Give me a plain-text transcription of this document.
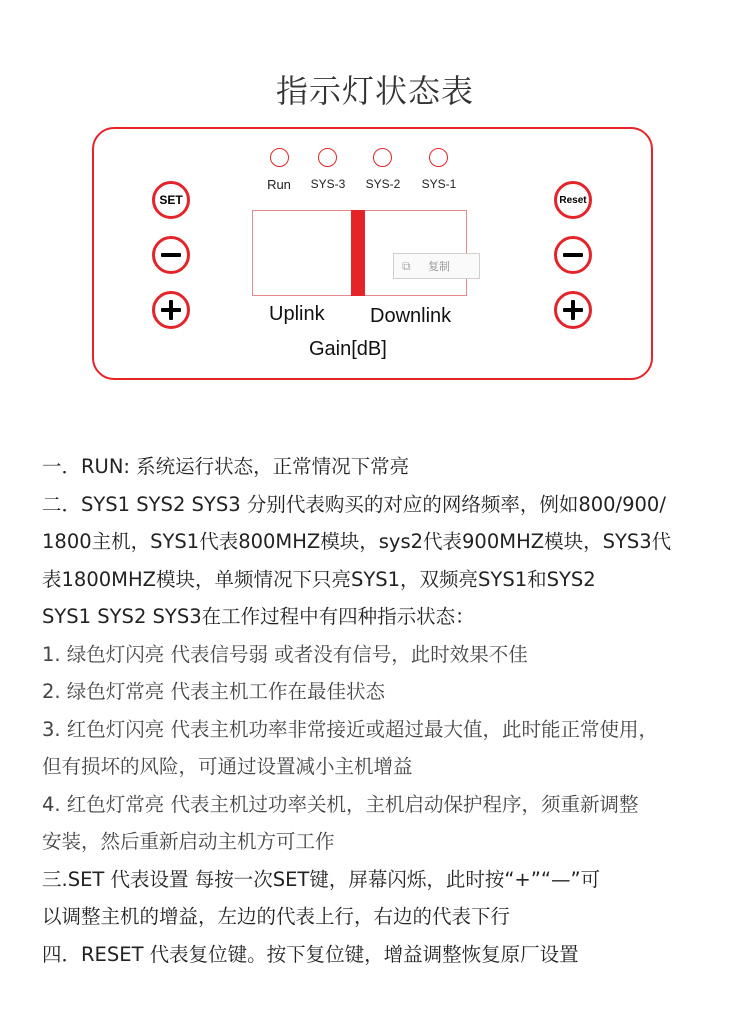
指示灯状态表
Run	SYS-3	SYS-2	SYS-1
SET	Reset
⧉	复制
Uplink Downlink
Gain[dB]

一．RUN: 系统运行状态，正常情况下常亮

二．SYS1 SYS2 SYS3 分别代表购买的对应的网络频率，例如800/900/

1800主机，SYS1代表800MHZ模块，sys2代表900MHZ模块，SYS3代

表1800MHZ模块，单频情况下只亮SYS1，双频亮SYS1和SYS2

SYS1 SYS2 SYS3在工作过程中有四种指示状态：

1. 绿色灯闪亮 代表信号弱 或者没有信号，此时效果不佳

2. 绿色灯常亮 代表主机工作在最佳状态

3. 红色灯闪亮 代表主机功率非常接近或超过最大值，此时能正常使用，

但有损坏的风险，可通过设置减小主机增益

4. 红色灯常亮 代表主机过功率关机，主机启动保护程序，须重新调整

安装，然后重新启动主机方可工作

三.SET 代表设置 每按一次SET键，屏幕闪烁，此时按“+”“—”可

以调整主机的增益，左边的代表上行，右边的代表下行

四．RESET 代表复位键。按下复位键，增益调整恢复原厂设置
